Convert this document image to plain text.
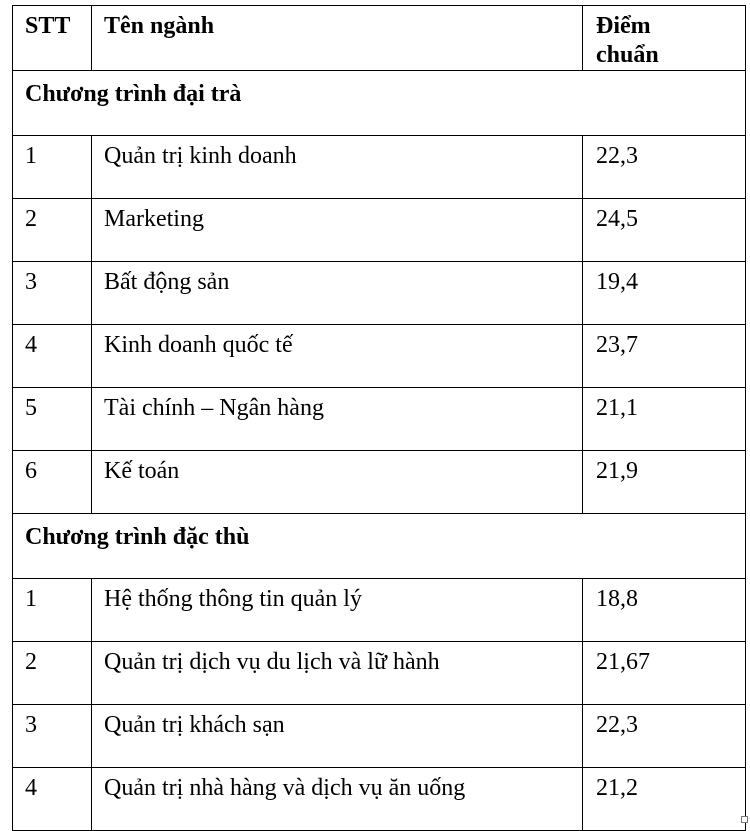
STT	Tên ngành	Điểm
chuẩn
Chương trình đại trà		
1	Quản trị kinh doanh	22,3
2	Marketing	24,5
3	Bất động sản	19,4
4	Kinh doanh quốc tế	23,7
5	Tài chính – Ngân hàng	21,1
6	Kế toán	21,9
Chương trình đặc thù		
1	Hệ thống thông tin quản lý	18,8
2	Quản trị dịch vụ du lịch và lữ hành	21,67
3	Quản trị khách sạn	22,3
4	Quản trị nhà hàng và dịch vụ ăn uống	21,2
